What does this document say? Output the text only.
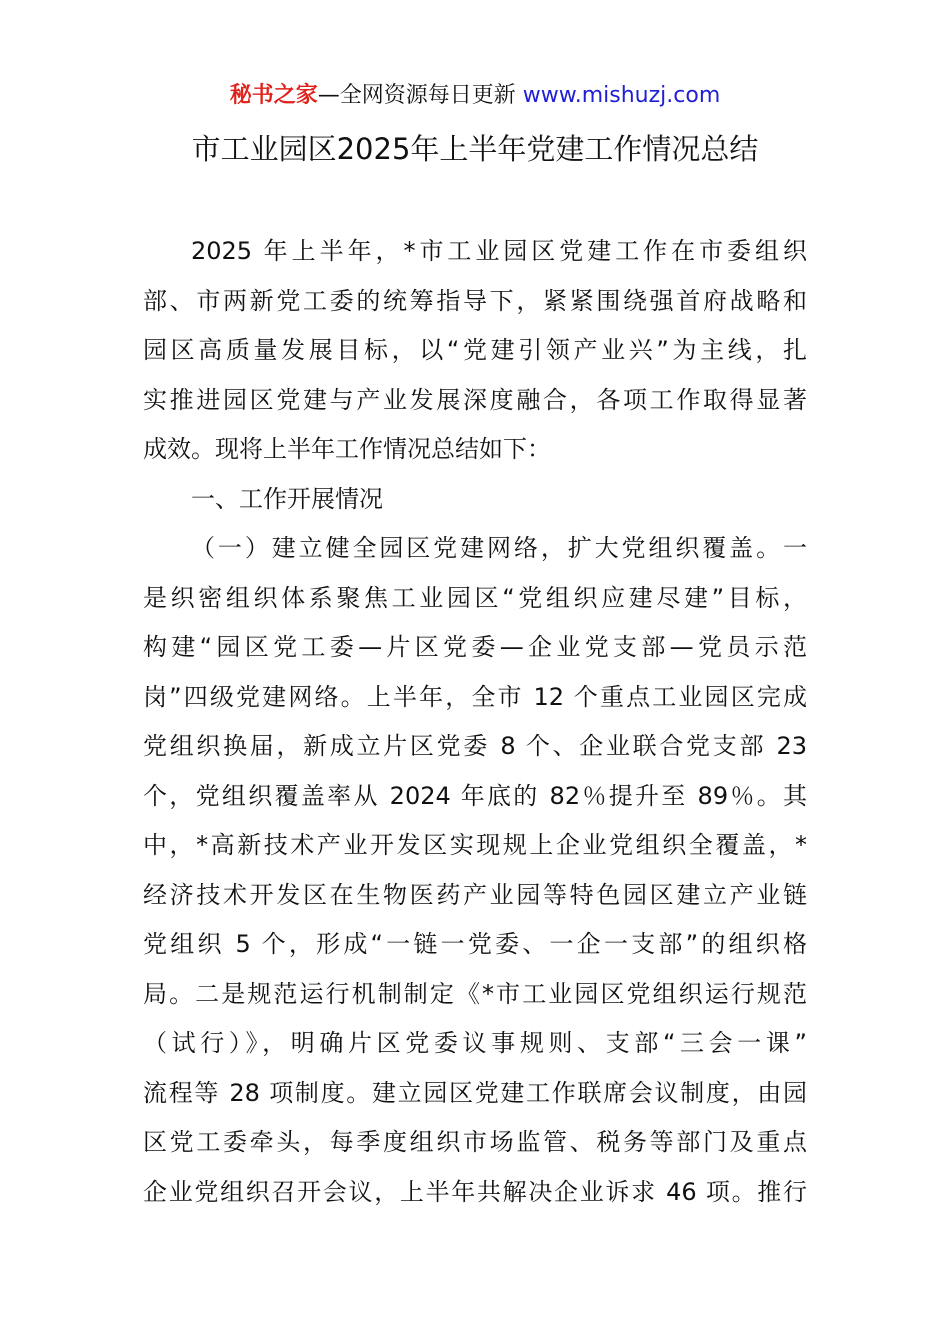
秘书之家—全网资源每日更新 www.mishuzj.com
市工业园区2025年上半年党建工作情况总结
2025 年上半年，*市工业园区党建工作在市委组织
部、市两新党工委的统筹指导下，紧紧围绕强首府战略和
园区高质量发展目标，以“党建引领产业兴”为主线，扎
实推进园区党建与产业发展深度融合，各项工作取得显著
成效。现将上半年工作情况总结如下：
一、工作开展情况
（一）建立健全园区党建网络，扩大党组织覆盖。一
是织密组织体系聚焦工业园区“党组织应建尽建”目标，
构建“园区党工委—片区党委—企业党支部—党员示范
岗”四级党建网络。上半年，全市 12 个重点工业园区完成
党组织换届，新成立片区党委 8 个、企业联合党支部 23
个，党组织覆盖率从 2024 年底的 82％提升至 89％。其
中，*高新技术产业开发区实现规上企业党组织全覆盖，*
经济技术开发区在生物医药产业园等特色园区建立产业链
党组织 5 个，形成“一链一党委、一企一支部”的组织格
局。二是规范运行机制制定《*市工业园区党组织运行规范
（试行）》，明确片区党委议事规则、支部“三会一课”
流程等 28 项制度。建立园区党建工作联席会议制度，由园
区党工委牵头，每季度组织市场监管、税务等部门及重点
企业党组织召开会议，上半年共解决企业诉求 46 项。推行
